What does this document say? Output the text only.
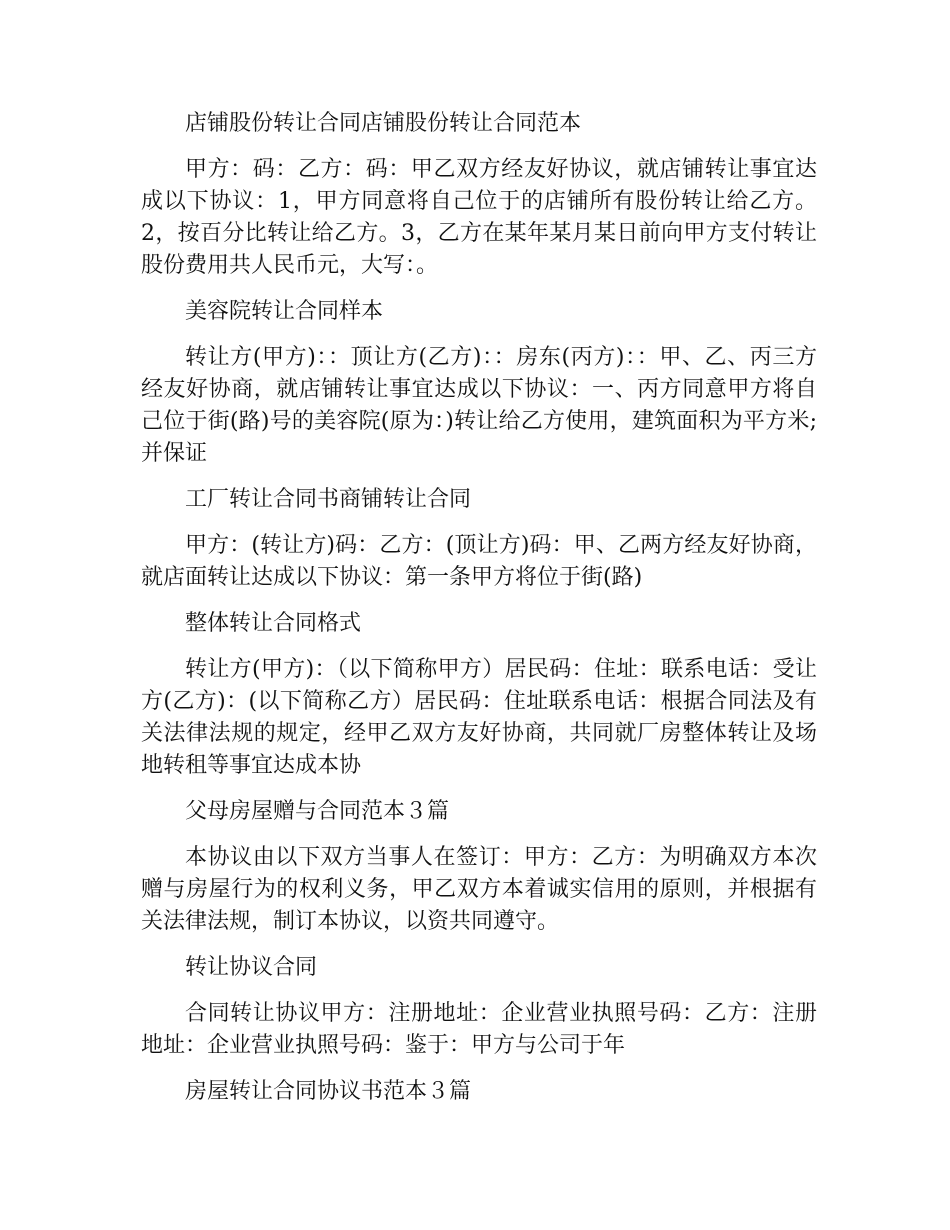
店铺股份转让合同店铺股份转让合同范本
甲方：码：乙方：码：甲乙双方经友好协议，就店铺转让事宜达成以下协议：1，甲方同意将自己位于的店铺所有股份转让给乙方。2，按百分比转让给乙方。3，乙方在某年某月某日前向甲方支付转让股份费用共人民币元，大写：。
美容院转让合同样本
转让方(甲方)：：顶让方(乙方)：：房东(丙方)：：甲、乙、丙三方经友好协商，就店铺转让事宜达成以下协议：一、丙方同意甲方将自己位于街(路)号的美容院(原为：)转让给乙方使用，建筑面积为平方米;并保证
工厂转让合同书商铺转让合同
甲方：(转让方)码：乙方：(顶让方)码：甲、乙两方经友好协商，就店面转让达成以下协议：第一条甲方将位于街(路)
整体转让合同格式
转让方(甲方)：（以下简称甲方）居民码：住址：联系电话：受让方(乙方)：(以下简称乙方）居民码：住址联系电话：根据合同法及有关法律法规的规定，经甲乙双方友好协商，共同就厂房整体转让及场地转租等事宜达成本协
父母房屋赠与合同范本３篇
本协议由以下双方当事人在签订：甲方：乙方：为明确双方本次赠与房屋行为的权利义务，甲乙双方本着诚实信用的原则，并根据有关法律法规，制订本协议，以资共同遵守。
转让协议合同
合同转让协议甲方：注册地址：企业营业执照号码：乙方：注册地址：企业营业执照号码：鉴于：甲方与公司于年
房屋转让合同协议书范本３篇
